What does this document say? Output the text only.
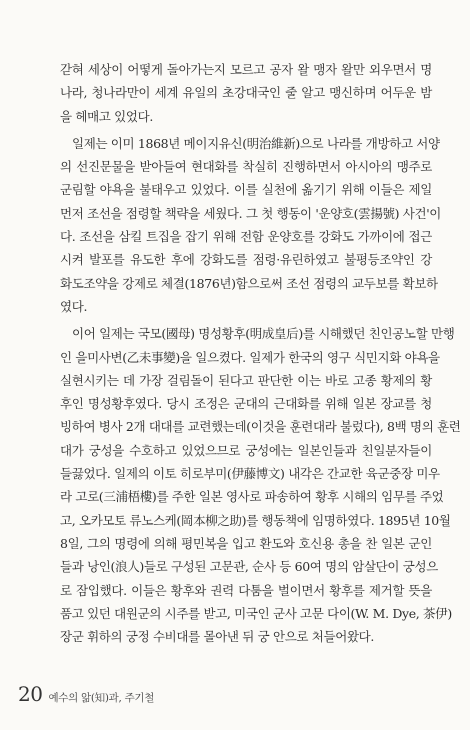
갇혀 세상이 어떻게 돌아가는지 모르고 공자 왈 맹자 왈만 외우면서 명
나라, 청나라만이 세계 유일의 초강대국인 줄 알고 맹신하며 어두운 밤
을 헤매고 있었다.

일제는 이미 1868년 메이지유신(明治維新)으로 나라를 개방하고 서양
의 선진문물을 받아들여 현대화를 착실히 진행하면서 아시아의 맹주로
군림할 야욕을 불태우고 있었다. 이를 실천에 옮기기 위해 이들은 제일
먼저 조선을 점령할 책략을 세웠다. 그 첫 행동이 '운양호(雲揚號) 사건'이
다. 조선을 삼킬 트집을 잡기 위해 전함 운양호를 강화도 가까이에 접근
시켜 발포를 유도한 후에 강화도를 점령·유린하였고 불평등조약인 강
화도조약을 강제로 체결(1876년)함으로써 조선 점령의 교두보를 확보하
였다.

이어 일제는 국모(國母) 명성황후(明成皇后)를 시해했던 친인공노할 만행
인 을미사변(乙未事變)을 일으켰다. 일제가 한국의 영구 식민지화 야욕을
실현시키는 데 가장 걸림돌이 된다고 판단한 이는 바로 고종 황제의 황
후인 명성황후였다. 당시 조정은 군대의 근대화를 위해 일본 장교를 청
빙하여 병사 2개 대대를 교련했는데(이것을 훈련대라 불렀다), 8백 명의 훈련
대가 궁성을 수호하고 있었으므로 궁성에는 일본인들과 친일분자들이
들끓었다. 일제의 이토 히로부미(伊藤博文) 내각은 간교한 육군중장 미우
라 고로(三浦梧樓)를 주한 일본 영사로 파송하여 황후 시해의 임무를 주었
고, 오카모토 류노스케(岡本柳之助)를 행동책에 임명하였다. 1895년 10월
8일, 그의 명령에 의해 평민복을 입고 환도와 호신용 총을 찬 일본 군인
들과 낭인(浪人)들로 구성된 고문관, 순사 등 60여 명의 암살단이 궁성으
로 잠입했다. 이들은 황후와 권력 다툼을 벌이면서 황후를 제거할 뜻을
품고 있던 대원군의 시주를 받고, 미국인 군사 고문 다이(W. M. Dye, 茶伊)
장군 휘하의 궁정 수비대를 몰아낸 뒤 궁 안으로 처들어왔다.

20 예수의 앎(知)과, 주기철
